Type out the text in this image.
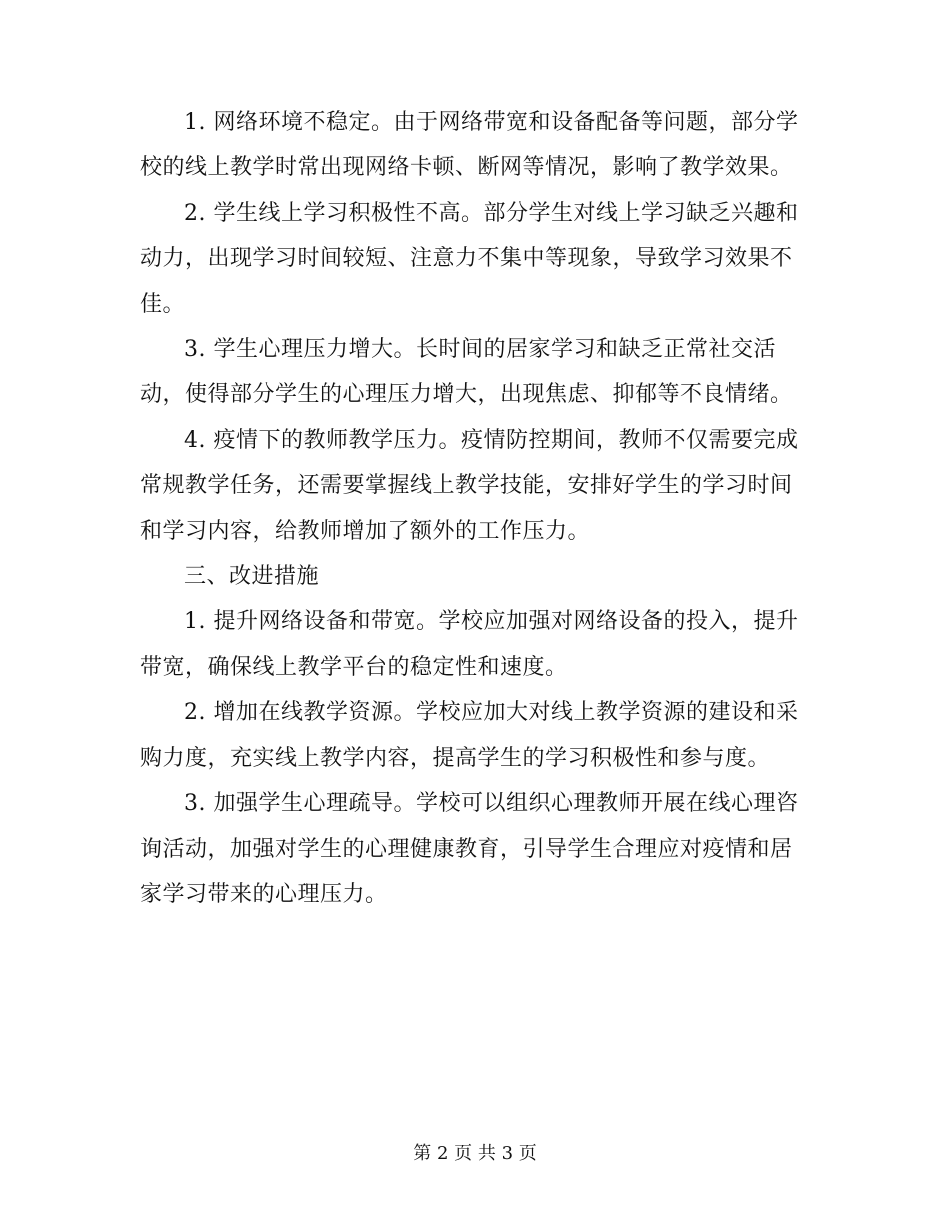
1. 网络环境不稳定。由于网络带宽和设备配备等问题，部分学校的线上教学时常出现网络卡顿、断网等情况，影响了教学效果。

2. 学生线上学习积极性不高。部分学生对线上学习缺乏兴趣和动力，出现学习时间较短、注意力不集中等现象，导致学习效果不佳。

3. 学生心理压力增大。长时间的居家学习和缺乏正常社交活动，使得部分学生的心理压力增大，出现焦虑、抑郁等不良情绪。

4. 疫情下的教师教学压力。疫情防控期间，教师不仅需要完成常规教学任务，还需要掌握线上教学技能，安排好学生的学习时间和学习内容，给教师增加了额外的工作压力。

三、改进措施

1. 提升网络设备和带宽。学校应加强对网络设备的投入，提升带宽，确保线上教学平台的稳定性和速度。

2. 增加在线教学资源。学校应加大对线上教学资源的建设和采购力度，充实线上教学内容，提高学生的学习积极性和参与度。

3. 加强学生心理疏导。学校可以组织心理教师开展在线心理咨询活动，加强对学生的心理健康教育，引导学生合理应对疫情和居家学习带来的心理压力。

第 2 页 共 3 页
